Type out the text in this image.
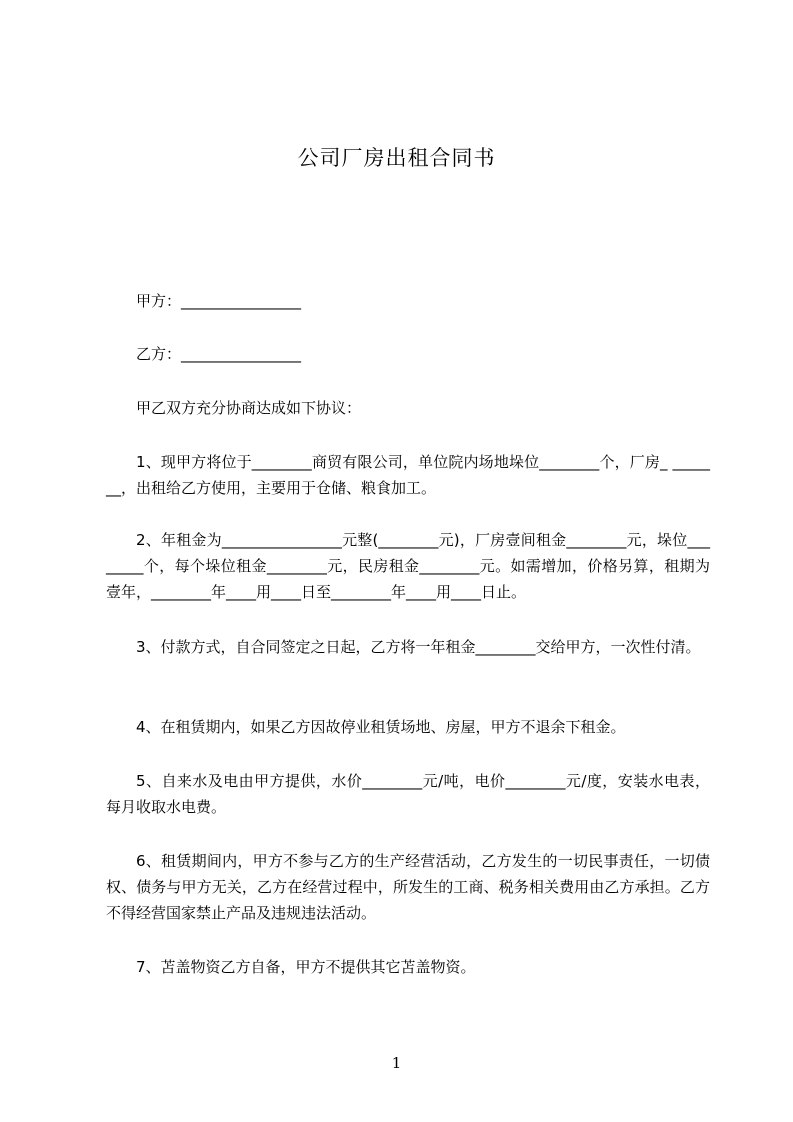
公司厂房出租合同书
甲方：________________
乙方：________________
甲乙双方充分协商达成如下协议：
1、现甲方将位于________商贸有限公司，单位院内场地垛位________个，厂房_ _______，出租给乙方使用，主要用于仓储、粮食加工。
2、年租金为________________元整(________元)，厂房壹间租金________元，垛位________个，每个垛位租金________元，民房租金________元。如需增加，价格另算，租期为壹年，________年____用____日至________年____用____日止。
3、付款方式，自合同签定之日起，乙方将一年租金________交给甲方，一次性付清。
4、在租赁期内，如果乙方因故停业租赁场地、房屋，甲方不退余下租金。
5、自来水及电由甲方提供，水价________元/吨，电价________元/度，安装水电表，每月收取水电费。
6、租赁期间内，甲方不参与乙方的生产经营活动，乙方发生的一切民事责任，一切债权、债务与甲方无关，乙方在经营过程中，所发生的工商、税务相关费用由乙方承担。乙方不得经营国家禁止产品及违规违法活动。
7、苫盖物资乙方自备，甲方不提供其它苫盖物资。
1
